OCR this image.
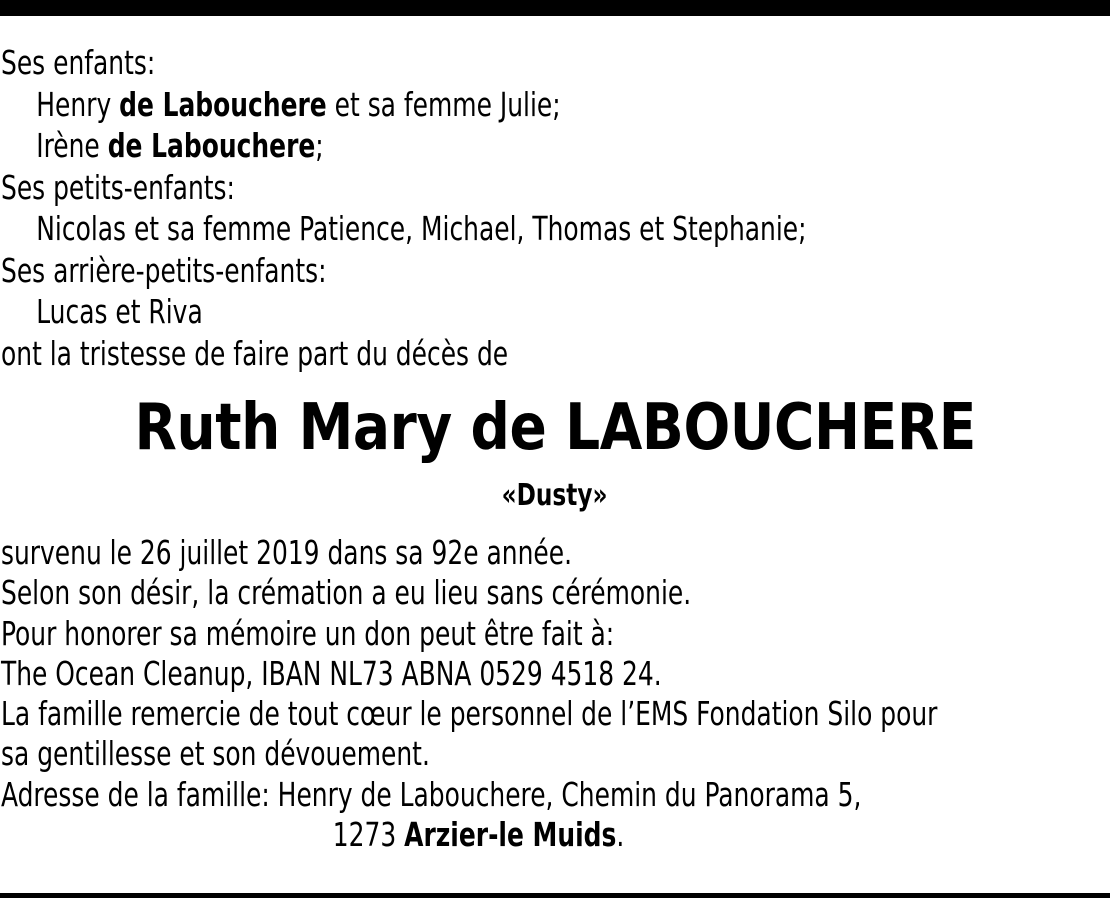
Ses enfants:
Henry de Labouchere et sa femme Julie;
Irène de Labouchere;
Ses petits-enfants:
Nicolas et sa femme Patience, Michael, Thomas et Stephanie;
Ses arrière-petits-enfants:
Lucas et Riva
ont la tristesse de faire part du décès de
Ruth Mary de LABOUCHERE
«Dusty»
survenu le 26 juillet 2019 dans sa 92e année.
Selon son désir, la crémation a eu lieu sans cérémonie.
Pour honorer sa mémoire un don peut être fait à:
The Ocean Cleanup, IBAN NL73 ABNA 0529 4518 24.
La famille remercie de tout cœur le personnel de l’EMS Fondation Silo pour
sa gentillesse et son dévouement.
Adresse de la famille: Henry de Labouchere, Chemin du Panorama 5,
1273 Arzier-le Muids.
